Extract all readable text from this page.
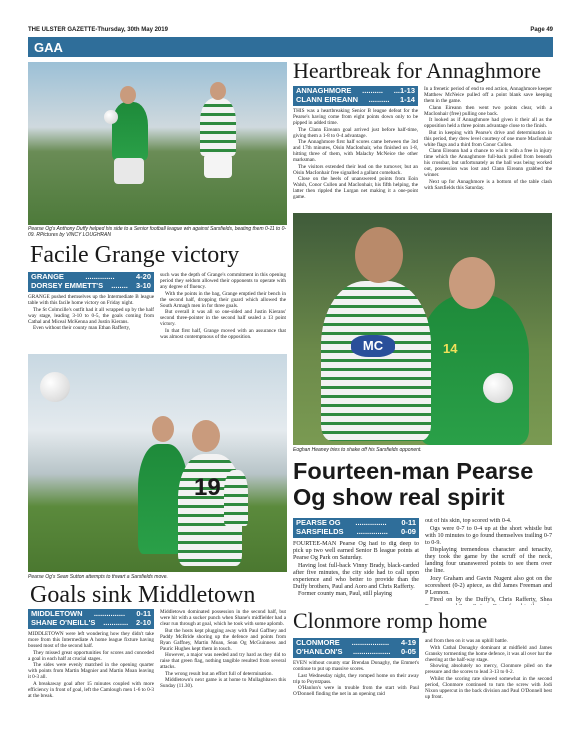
THE ULSTER GAZETTE-Thursday, 30th May 2019	Page 49
GAA
Pearse Og's Anthony Duffy helped his side to a Senior football league win against Sarsfields, beating them 0-11 to 0-09. RPictures by VINCY LOUGHRAN
Heartbreak for Annaghmore
ANNAGHMORE .......... ...1-13
CLANN EIREANN .......... 1-14

THIS was a heartbreaking Senior B league defeat for the Pearse's having come from eight points down only to be pipped in added time.

The Clann Eireann goal arrived just before half-time, giving them a 1-8 to 0-4 advantage.

The Annaghmore first half scores came between the 3rd and 17th minutes, Oisin MacIonhair, who finished on 1-8, hitting three of them, with Malachy McNeice the other marksman.

The visitors extended their lead on the turnover, but an Oisin MacIonhair free signalled a gallant comeback.

Close on the heels of unanswered points from Eoin Walsh, Conor Cullen and MacIonhair, his fifth helping, the latter then rippled the Lurgan net making it a one-point game.

In a frenetic period of end to end action, Annaghmore keeper Matthew McNeice pulled off a point blank save keeping them in the game.

Clann Eireann then went two points clear, with a MacIonhair (free) pulling one back.

It looked as if Annaghmore had given it their all as the opposition held a three points advantage close to the finish.

But in keeping with Pearse's drive and determination in this period, they drew level courtesy of one more MacIonhair white flags and a third from Conor Cullen.

Clann Eireann had a chance to win it with a free in injury time which the Annaghmore full-back pulled from beneath his crossbar, but unfortunately as the ball was being worked out, possession was lost and Clann Eireann grabbed the winner.

Next up for Annaghmore is a bottom of the table clash with Sarsfields this Saturday.

Facile Grange victory
GRANGE	..............	4-20
DORSEY EMMETT'S ........ 3-10

GRANGE pushed themselves up the Intermediate B league table with this facile home victory on Friday night.

The St Colmcille's outfit had it all wrapped up by the half way stage, leading 3-10 to 0-5, the goals coming from Cathal and Miceal McKenna and Justin Kierans.

Even without their county man Ethan Rafferty,

such was the depth of Grange's commitment in this opening period they seldom allowed their opponents to operate with any degree of fluency.

With the points in the bag, Grange emptied their bench in the second half, dropping their guard which allowed the South Armagh men in for three goals.

But overall it was all so one-sided and Justin Kierans' second three-pointer in the second half sealed a 13 point victory.

In that first half, Grange moved with an assurance that was almost contemptuous of the opposition.

MC	14
Eoghan Heaney tries to shake off his Sarsfields opponent.
19
Pearse Og's Sean Sutton attempts to thwart a Sarsfields move.
Fourteen-man Pearse Og show real spirit
PEARSE OG ............... 0-11
SARSFIELDS ............... 0-09

FOURTEE-MAN Pearse Og had to dig deep to pick up two well earned Senior B league points at Pearse Og Park on Saturday.

Having lost full-back Vinny Brady, black-carded after five minutes, the city side had to call upon experience and who better to provide than the Duffy brothers, Paul and Aoro and Chris Rafferty.

Former county man, Paul, still playing

out of his skin, top scored with 0-4.

Ogs were 0-7 to 0-4 up at the short whistle but with 10 minutes to go found themselves trailing 0-7 to 0-9.

Displaying tremendous character and tenacity, they took the game by the scruff of the neck, landing four unanswered points to see them over the line.

Jozy Graham and Gavin Nugent also got on the scoresheet (0-2) apiece, as did James Freeman and P Lennon.

Fired on by the Duffy's, Chris Rafferty, Shea

Goals sink Middletown
MIDDLETOWN ............... 0-11
SHANE O'NEILL'S ............ 2-10

MIDDLETOWN were left wondering how they didn't take more from this Intermediate A home league fixture having bossed most of the second half.

They missed great opportunities for scores and conceded a goal in each half at crucial stages.

The sides were evenly matched in the opening quarter with points from Martin Magnier and Martin Moan leaving it 0-3 all.

A breakaway goal after 15 minutes coupled with more efficiency in front of goal, left the Camlough men 1-6 to 0-3 at the break.

Middletown dominated possession in the second half, but were hit with a sucker punch when Shane's midfielder had a clear run through at goal, which he took with some aplomb.

But the hosts kept plugging away with Paul Gaffney and Paddy McBride shoring up the defence and points from Ryan Gaffney, Martin Moan, Sean Og McGuinness and Pauric Hughes kept them in touch.

However, a major was needed and try hard as they did to raise that green flag, nothing tangible resulted from several attacks.

The wrong result but an effort full of determination.

Middletown's next game is at home to Mullaghbawn this Sunday (11.30).

Clonmore romp home
CLONMORE .................. 4-19
O'HANLON'S .................. 0-05

EVEN without county star Brendan Donaghy, the Emmet's continue to put up massive scores.

Last Wednesday night, they romped home on their away trip to Poyntzpass.

O'Hanlon's were in trouble from the start with Paul O'Donnell finding the net in an opening raid

and from then on it was an uphill battle.

With Cathal Donaghy dominant at midfield and James Gransky tormenting the home defence, it was all over bar the cheering at the half-way stage.

Showing absolutely no mercy, Clonmore piled on the pressure and the scores to lead 3-13 to 0-2.

Whilst the scoring rate slowed somewhat in the second period, Clonmore continued to turn the screw with Jodi Nixon uppercut in the back division and Paul O'Donnell best up front.
